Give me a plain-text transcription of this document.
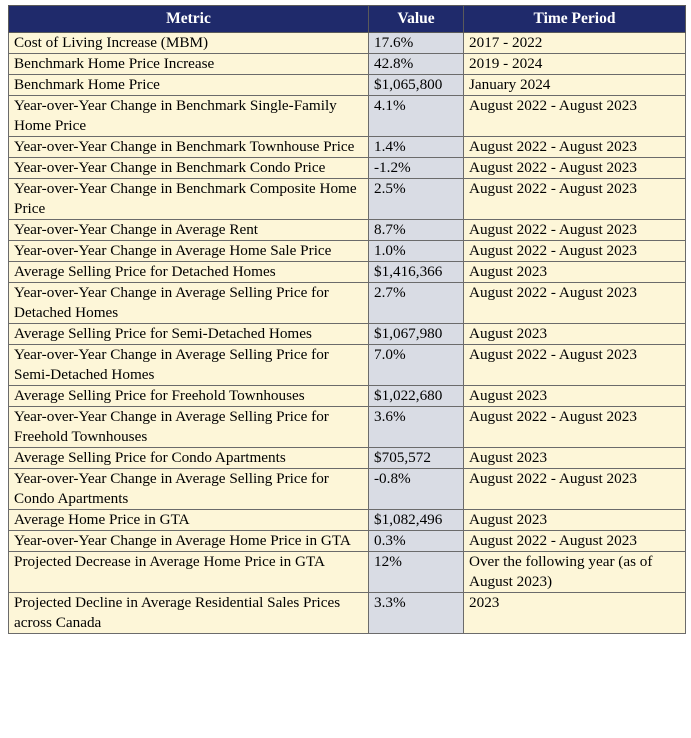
Metric	Value	Time Period
Cost of Living Increase (MBM)	17.6%	2017 - 2022
Benchmark Home Price Increase	42.8%	2019 - 2024
Benchmark Home Price	$1,065,800	January 2024
Year-over-Year Change in Benchmark Single-Family Home Price	4.1%	August 2022 - August 2023
Year-over-Year Change in Benchmark Townhouse Price	1.4%	August 2022 - August 2023
Year-over-Year Change in Benchmark Condo Price	-1.2%	August 2022 - August 2023
Year-over-Year Change in Benchmark Composite Home Price	2.5%	August 2022 - August 2023
Year-over-Year Change in Average Rent	8.7%	August 2022 - August 2023
Year-over-Year Change in Average Home Sale Price	1.0%	August 2022 - August 2023
Average Selling Price for Detached Homes	$1,416,366	August 2023
Year-over-Year Change in Average Selling Price for Detached Homes	2.7%	August 2022 - August 2023
Average Selling Price for Semi-Detached Homes	$1,067,980	August 2023
Year-over-Year Change in Average Selling Price for Semi-Detached Homes	7.0%	August 2022 - August 2023
Average Selling Price for Freehold Townhouses	$1,022,680	August 2023
Year-over-Year Change in Average Selling Price for Freehold Townhouses	3.6%	August 2022 - August 2023
Average Selling Price for Condo Apartments	$705,572	August 2023
Year-over-Year Change in Average Selling Price for Condo Apartments	-0.8%	August 2022 - August 2023
Average Home Price in GTA	$1,082,496	August 2023
Year-over-Year Change in Average Home Price in GTA	0.3%	August 2022 - August 2023
Projected Decrease in Average Home Price in GTA	12%	Over the following year (as of August 2023)
Projected Decline in Average Residential Sales Prices across Canada	3.3%	2023
